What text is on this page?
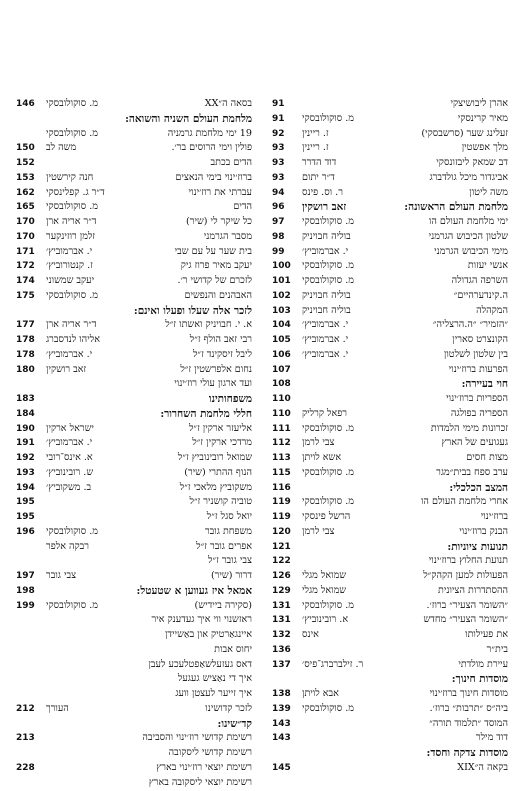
אהרן ליבושיצקי
91
מאיר קרינסקי
מ. סוקולובסקי
91
זעלינג שער (סרשבסקי)
ז. ריינין
92
מלך אפשטין
ז. ריינין
93
דב שמאק ליבזונסקי
דוד הדרר
93
אביגדור מיכל גולדברג
ד״ר יתום
93
משה ליטון
ר. וס. פינס
94
מלחמת העולם הראשונה:
זאב רושקין
96
ימי מלחמת העולם הו
מ. סוקולובסקי
97
שלטון הכיבוש הגרמני
בוליה חבויניק
98
מימי הכיבוש הגרמני
י. אברמוביץ׳
99
אנשי יעזות
מ. סוקולובסקי
100
השרפה הגדולה
מ. סוקולובסקי
101
ה.קינדערהיים״
בוליה חבויניק
102
המקהלה
בוליה חבויניק
103
״הזמיר״ ״ה.הרצליה״
י. אברמוביץ׳
104
הקונצרט סארין
י. אברמוביץ׳
105
בין שלטון לשלטון
י. אברמוביץ׳
106
הפרעות ברוז׳ינוי
107
חוי בעיירה:
108
הספריות ברוז׳ינוי
110
הספריה בפולגה
רפאל קרליק
110
זכרונות מימי הלמדות
מ. סוקולובסקי
111
געגועים של הארץ
צבי לרמן
112
מצות חסים
אשא לויתן
113
ערב ספח בבית״מגר
מ. סוקולובסקי
115
המצב הכלכלי:
116
אחרי מלחמת העולם הו
מ. סוקולובסקי
119
ברוז׳ינוי
הרשל פינסקי
119
הבנק ברוז׳ינוי
צבי לרמן
120
תנועות ציוניות:
121
תנועת החלוץ ברוז׳ינוי
122
הפעולות למען הקהק״ל
שמואל מגלי
126
ההסתדרות הציונית
שמואל מגלי
129
״השומר הצעיר״ ברוז׳.
מ. סוקולובסקי
131
״השומר הצעיר״ מחדש
א. רובינוביץ׳
131
את פעילותו
אינס
132
בית״ר
136
עיירת מולדתי
ר. זילברברג־פיס׳
137
מוסדות חינוך:
מוסדות חינוך ברוז׳ינוי
אבא לויתן
138
ביה״ס ״תרבות״ ברוז׳.
מ. סוקולובסקי
139
המוסד ״תלמוד תורה״
143
דוד מילר
143
מוסדות צדקה וחסד:
בקאה ה״XIX
145
בסאה ה״XX
מ. סוקולובסקי
146
מלחמת העולם השניה והשואה:
19 ימי מלחמת גרמניה
מ. סוקולובסקי
פולין וימי הרוסים בר׳.
משה לב
150
הדים בכתב
152
ברוז׳ינוי בימי הנאצים
חנה קירשטין
153
עברתי את רוז׳ינוי
ד״ר ג. קפלינסקי
162
הדים
מ. סוקולובסקי
165
כל שיקר לי (שיר)
ד״ר אריה ארן
170
מסבר הגרמני
זלמן רוזינקער
170
בית שער על עם שבי
י. אברמוביץ׳
171
יעקב מאיר פרוז גיק
ז. קנטורוביץ׳
172
לזכרם של קדושי ר׳.
יעקב שמשוני
174
האבהנים והנפשים
מ. סוקולובסקי
175
לזכר אלה שעלו ופעלו ואינם:
א. י. חבויניק ואשתו ז״ל
ד״ר אריה ארן
177
רבי זאב הולף ז״ל
אליהו לנדסברג
178
ליבל זיסקינד ז״ל
י. אברמוביץ׳
178
נחום אלפרשטין ז״ל
זאב רושקין
180
ועד ארגון עולי רוז׳ינוי
משפחותינו
183
חללי מלחמת השחרור:
184
אליעזר ארקין ז״ל
ישראל ארקין
190
מרדכי ארקין ז״ל
י. אברמוביץ׳
191
שמואל רובינוביץ ז״ל
א. אינס־רובי
192
הנוף ההתרי (שיר)
ש. רובינוביץ׳
193
משקוביץ מלאכי ז״ל
ב. משקוביץ׳
194
טוביה קושניר ז״ל
195
יואל סגל ז״ל
195
משפחת גובר
מ. סוקולובסקי
196
אפרים גובר ז״ל
רבקה אלפר
צבי גובר ז״ל
דרור (שיר)
צבי גובר
197
אמאל איז געווען א שטעטל:
198
(סקירה ביידיש)
מ. סוקולובסקי
199
ראזשנוי ווי איך געדענק איר
איינגאַרטיק און באַשיידן
יחוס אבות
דאס געזעלשאַפטלעכע לעבן
איך די נאַציש געגעל
איך זייער לעצטן וועג
לזכר קדושינו
העורך
212
קד״שינו:
רשימת קדושי רוז׳ינוי והסביבה
213
רשימת קדושי ליסקובה
רשימת יוצאי רוז׳ינוי בארץ
228
רשימת יוצאי ליסקובה בארץ
